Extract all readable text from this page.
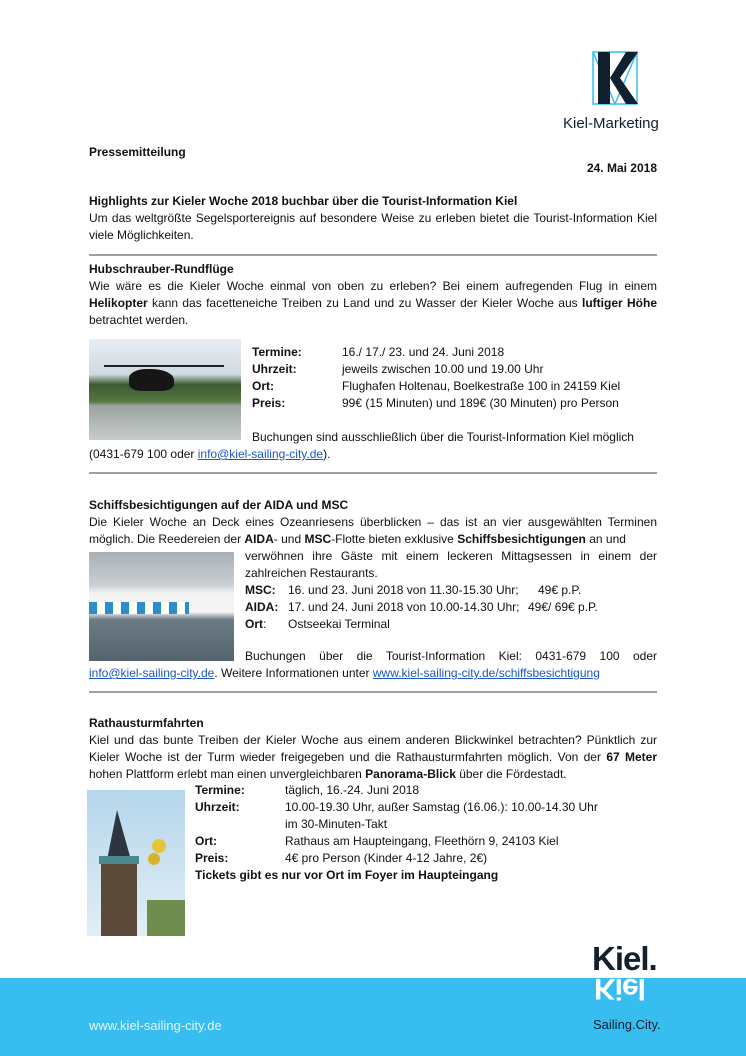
Kiel-Marketing
Pressemitteilung
24. Mai 2018
Highlights zur Kieler Woche 2018 buchbar über die Tourist-Information Kiel
Um das weltgrößte Segelsportereignis auf besondere Weise zu erleben bietet die Tourist-Information Kiel viele Möglichkeiten.
Hubschrauber-Rundflüge
Wie wäre es die Kieler Woche einmal von oben zu erleben? Bei einem aufregenden Flug in einem Helikopter kann das facetteneiche Treiben zu Land und zu Wasser der Kieler Woche aus luftiger Höhe betrachtet werden.
Termine:	16./ 17./ 23. und 24. Juni 2018
Uhrzeit:	jeweils zwischen 10.00 und 19.00 Uhr
Ort:	Flughafen Holtenau, Boelkestraße 100 in 24159 Kiel
Preis:	99€ (15 Minuten) und 189€ (30 Minuten) pro Person
Buchungen sind ausschließlich über die Tourist-Information Kiel möglich
(0431-679 100 oder info@kiel-sailing-city.de).
Schiffsbesichtigungen auf der AIDA und MSC
Die Kieler Woche an Deck eines Ozeanriesens überblicken – das ist an vier ausgewählten Terminen möglich. Die Reedereien der AIDA- und MSC-Flotte bieten exklusive Schiffsbesichtigungen an und
verwöhnen ihre Gäste mit einem leckeren Mittagsessen in einem der zahlreichen Restaurants.
MSC: 16. und 23. Juni 2018 von 11.30-15.30 Uhr; 49€ p.P.
AIDA: 17. und 24. Juni 2018 von 10.00-14.30 Uhr; 49€/ 69€ p.P.
Ort: Ostseekai Terminal
Buchungen über die Tourist-Information Kiel: 0431-679 100 oder
info@kiel-sailing-city.de. Weitere Informationen unter www.kiel-sailing-city.de/schiffsbesichtigung
Rathausturmfahrten
Kiel und das bunte Treiben der Kieler Woche aus einem anderen Blickwinkel betrachten? Pünktlich zur Kieler Woche ist der Turm wieder freigegeben und die Rathausturmfahrten möglich. Von der 67 Meter hohen Plattform erlebt man einen unvergleichbaren Panorama-Blick über die Fördestadt.
Termine:	täglich, 16.-24. Juni 2018
Uhrzeit:	10.00-19.30 Uhr, außer Samstag (16.06.): 10.00-14.30 Uhr
im 30-Minuten-Takt
Ort:	Rathaus am Haupteingang, Fleethörn 9, 24103 Kiel
Preis:	4€ pro Person (Kinder 4-12 Jahre, 2€)
Tickets gibt es nur vor Ort im Foyer im Haupteingang
www.kiel-sailing-city.de
Kiel.
Kiel
Sailing.City.
